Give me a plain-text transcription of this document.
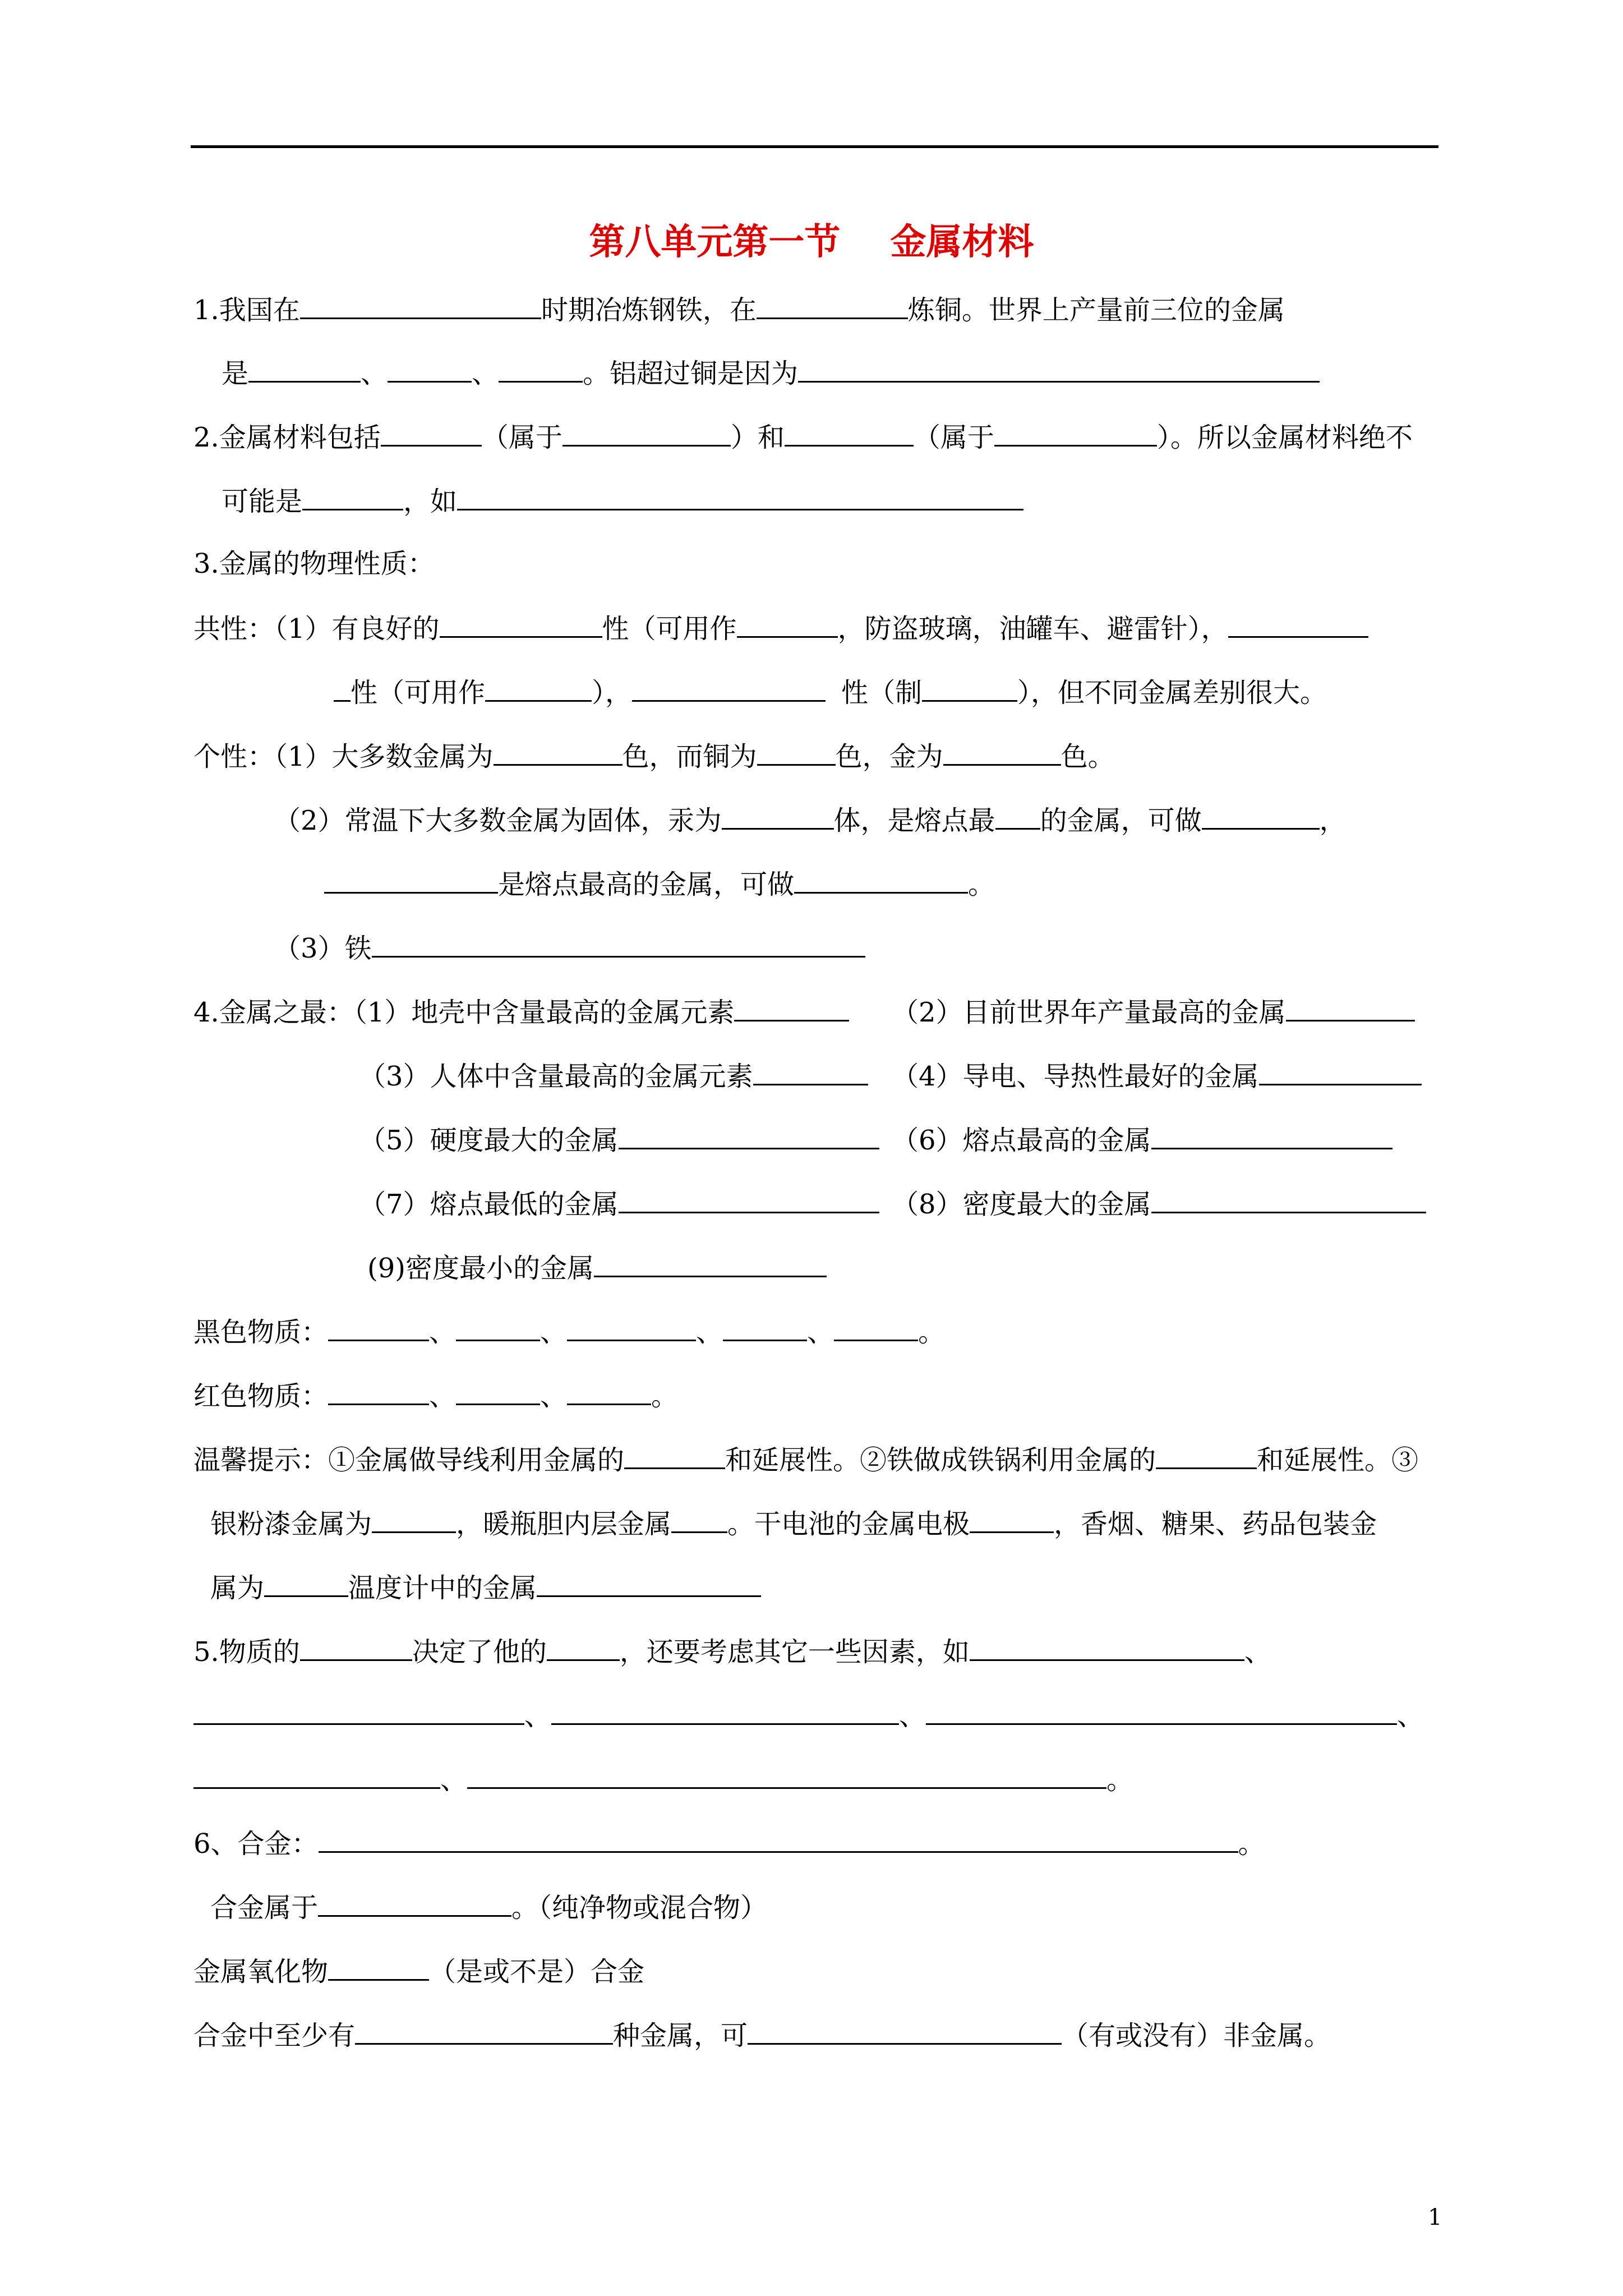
第八单元第一节    金属材料
1.我国在	时期冶炼钢铁，在	炼铜。世界上产量前三位的金属
是	、	、	。铝超过铜是因为
2.金属材料包括	（属于	）和	（属于	）。所以金属材料绝不
可能是	，如
3.金属的物理性质：
共性：（1）有良好的	性（可用作	，防盗玻璃，油罐车、避雷针），
性（可用作	），	性（制	），但不同金属差别很大。
个性：（1）大多数金属为	色，而铜为	色，金为	色。
（2）常温下大多数金属为固体，汞为	体，是熔点最 的金属，可做	，
是熔点最高的金属，可做	。
（3）铁
4.金属之最：（1）地壳中含量最高的金属元素	（2）目前世界年产量最高的金属
（3）人体中含量最高的金属元素	（4）导电、导热性最好的金属
（5）硬度最大的金属	（6）熔点最高的金属
（7）熔点最低的金属	（8）密度最大的金属
(9)密度最小的金属
黑色物质：	、	、	、	、	。
红色物质：	、	、	。
温馨提示：①金属做导线利用金属的	和延展性。②铁做成铁锅利用金属的	和延展性。③
银粉漆金属为	，暖瓶胆内层金属 。干电池的金属电极	，香烟、糖果、药品包装金
属为	温度计中的金属
5.物质的	决定了他的	，还要考虑其它一些因素，如	、
、	、	、
、	。
6、合金：	。
合金属于	。（纯净物或混合物）
金属氧化物	（是或不是）合金
合金中至少有	种金属，可	（有或没有）非金属。
1
